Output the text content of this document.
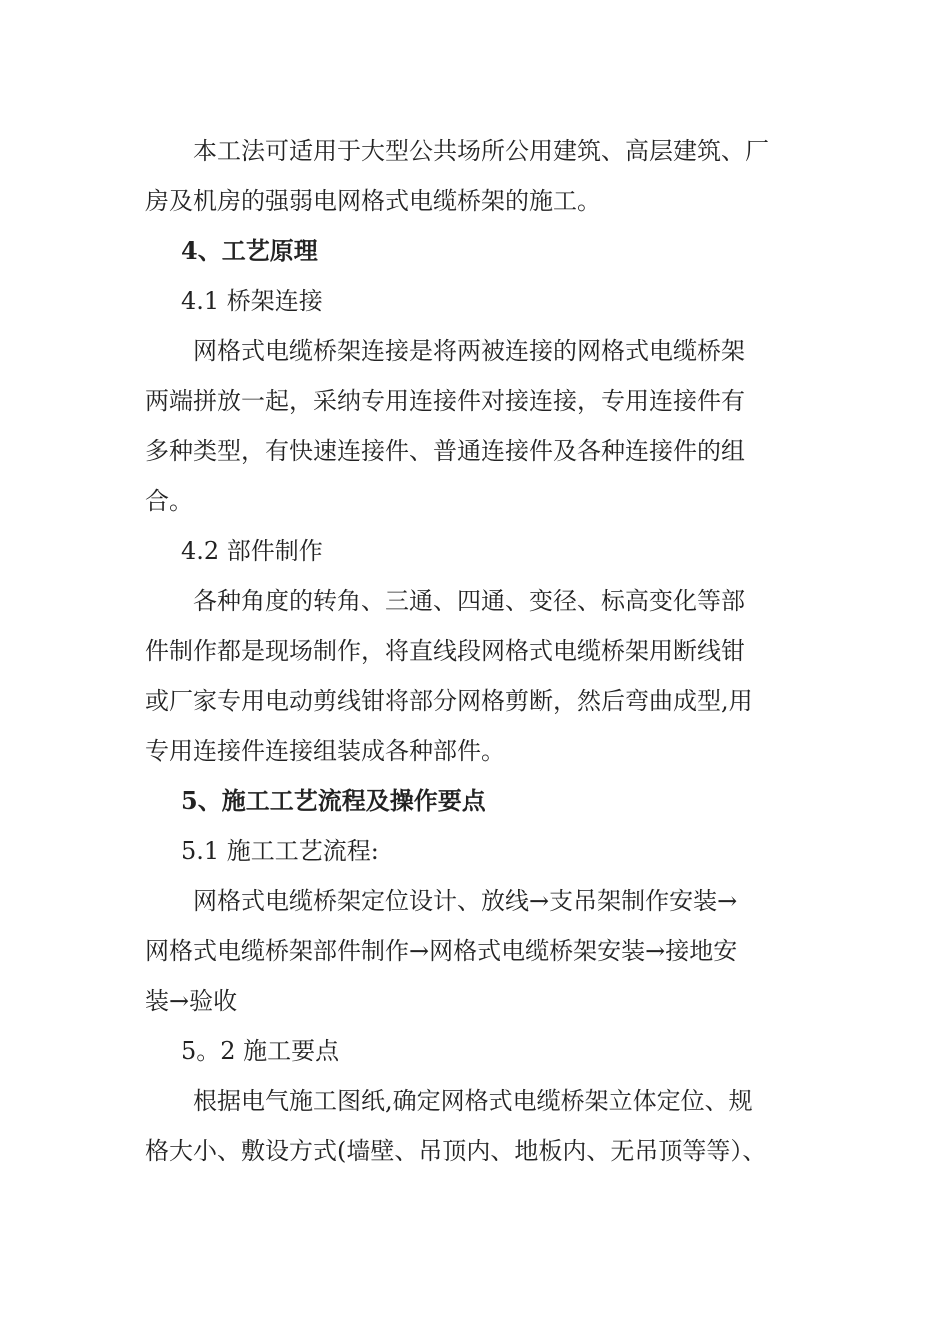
本工法可适用于大型公共场所公用建筑、高层建筑、厂
房及机房的强弱电网格式电缆桥架的施工。
4、工艺原理
4.1 桥架连接
网格式电缆桥架连接是将两被连接的网格式电缆桥架
两端拼放一起，采纳专用连接件对接连接，专用连接件有
多种类型，有快速连接件、普通连接件及各种连接件的组
合。
4.2 部件制作
各种角度的转角、三通、四通、变径、标高变化等部
件制作都是现场制作，将直线段网格式电缆桥架用断线钳
或厂家专用电动剪线钳将部分网格剪断，然后弯曲成型,用
专用连接件连接组装成各种部件。
5、施工工艺流程及操作要点
5.1 施工工艺流程:
网格式电缆桥架定位设计、放线→支吊架制作安装→
网格式电缆桥架部件制作→网格式电缆桥架安装→接地安
装→验收
5。2 施工要点
根据电气施工图纸,确定网格式电缆桥架立体定位、规
格大小、敷设方式(墙壁、吊顶内、地板内、无吊顶等等）、
